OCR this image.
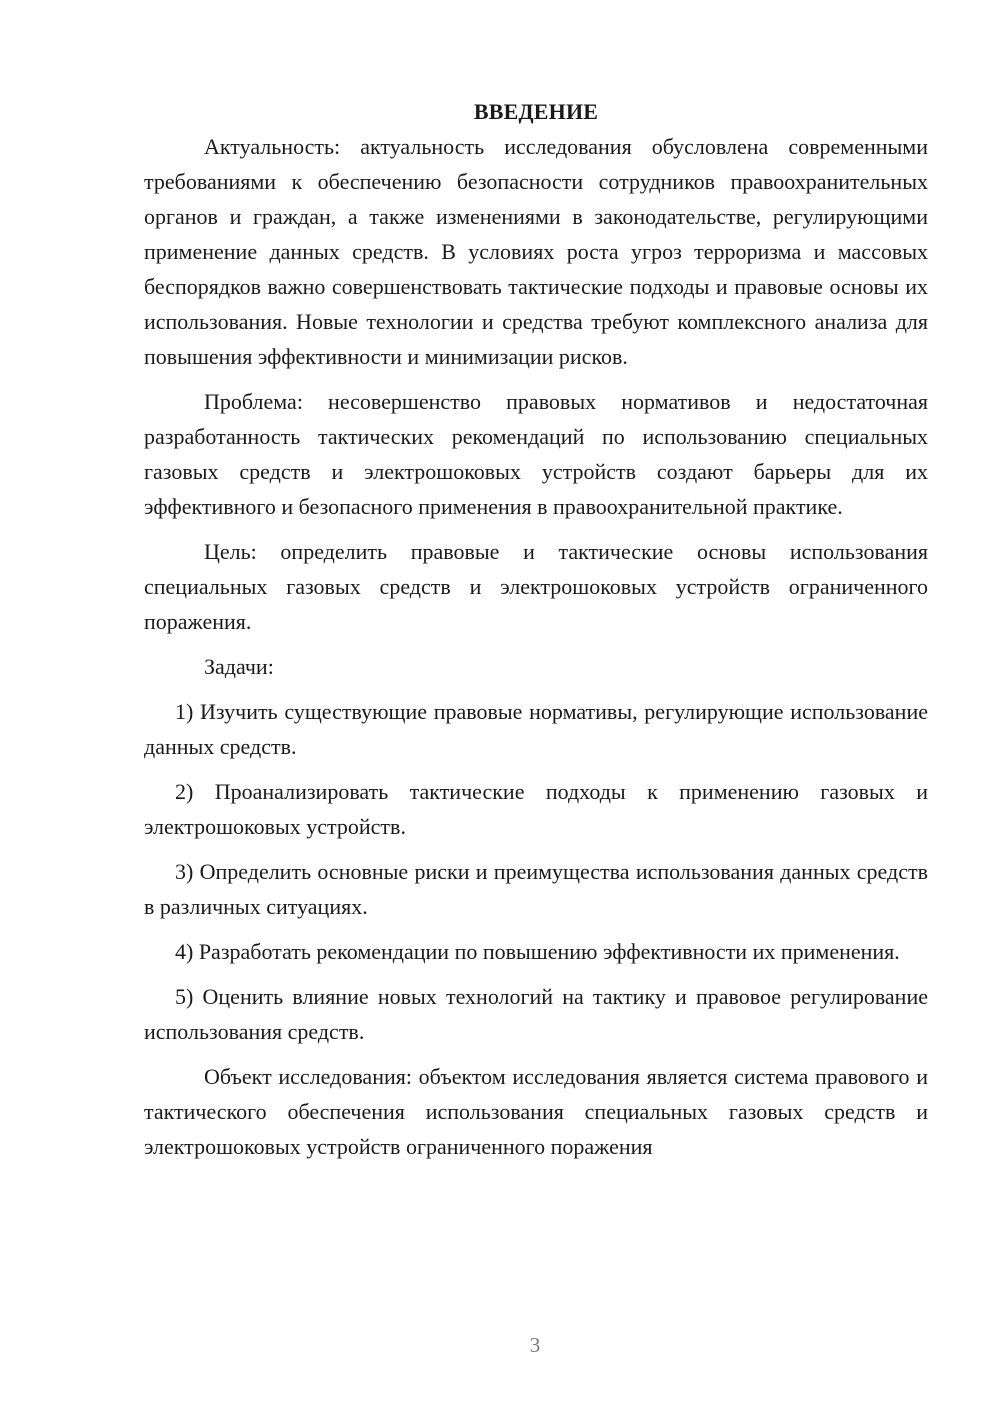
ВВЕДЕНИЕ

Актуальность: актуальность исследования обусловлена современными требованиями к обеспечению безопасности сотрудников правоохранительных органов и граждан, а также изменениями в законодательстве, регулирующими применение данных средств. В условиях роста угроз терроризма и массовых беспорядков важно совершенствовать тактические подходы и правовые основы их использования. Новые технологии и средства требуют комплексного анализа для повышения эффективности и минимизации рисков.

Проблема: несовершенство правовых нормативов и недостаточная разработанность тактических рекомендаций по использованию специальных газовых средств и электрошоковых устройств создают барьеры для их эффективного и безопасного применения в правоохранительной практике.

Цель: определить правовые и тактические основы использования специальных газовых средств и электрошоковых устройств ограниченного поражения.

Задачи:

1) Изучить существующие правовые нормативы, регулирующие использование данных средств.

2) Проанализировать тактические подходы к применению газовых и электрошоковых устройств.

3) Определить основные риски и преимущества использования данных средств в различных ситуациях.

4) Разработать рекомендации по повышению эффективности их применения.

5) Оценить влияние новых технологий на тактику и правовое регулирование использования средств.

Объект исследования: объектом исследования является система правового и тактического обеспечения использования специальных газовых средств и электрошоковых устройств ограниченного поражения

3
